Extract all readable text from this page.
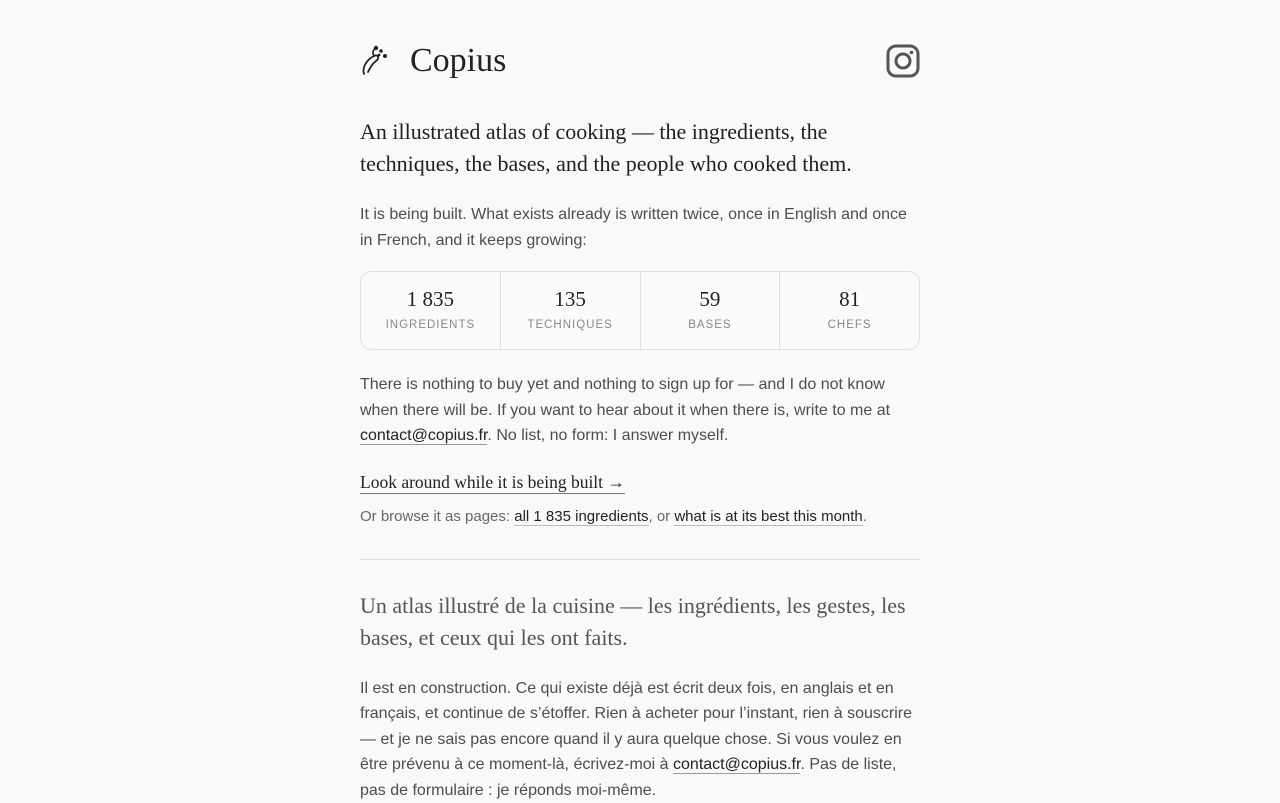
Copius
An illustrated atlas of cooking — the ingredients, the techniques, the bases, and the people who cooked them.

It is being built. What exists already is written twice, once in English and once in French, and it keeps growing:

1 835
INGREDIENTS
135
TECHNIQUES
59
BASES
81
CHEFS

There is nothing to buy yet and nothing to sign up for — and I do not know when there will be. If you want to hear about it when there is, write to me at contact@copius.fr. No list, no form: I answer myself.

Look around while it is being built →
Or browse it as pages: all 1 835 ingredients, or what is at its best this month.
Un atlas illustré de la cuisine — les ingrédients, les gestes, les bases, et ceux qui les ont faits.

Il est en construction. Ce qui existe déjà est écrit deux fois, en anglais et en français, et continue de s’étoffer. Rien à acheter pour l’instant, rien à souscrire — et je ne sais pas encore quand il y aura quelque chose. Si vous voulez en être prévenu à ce moment-là, écrivez-moi à contact@copius.fr. Pas de liste, pas de formulaire : je réponds moi-même.
